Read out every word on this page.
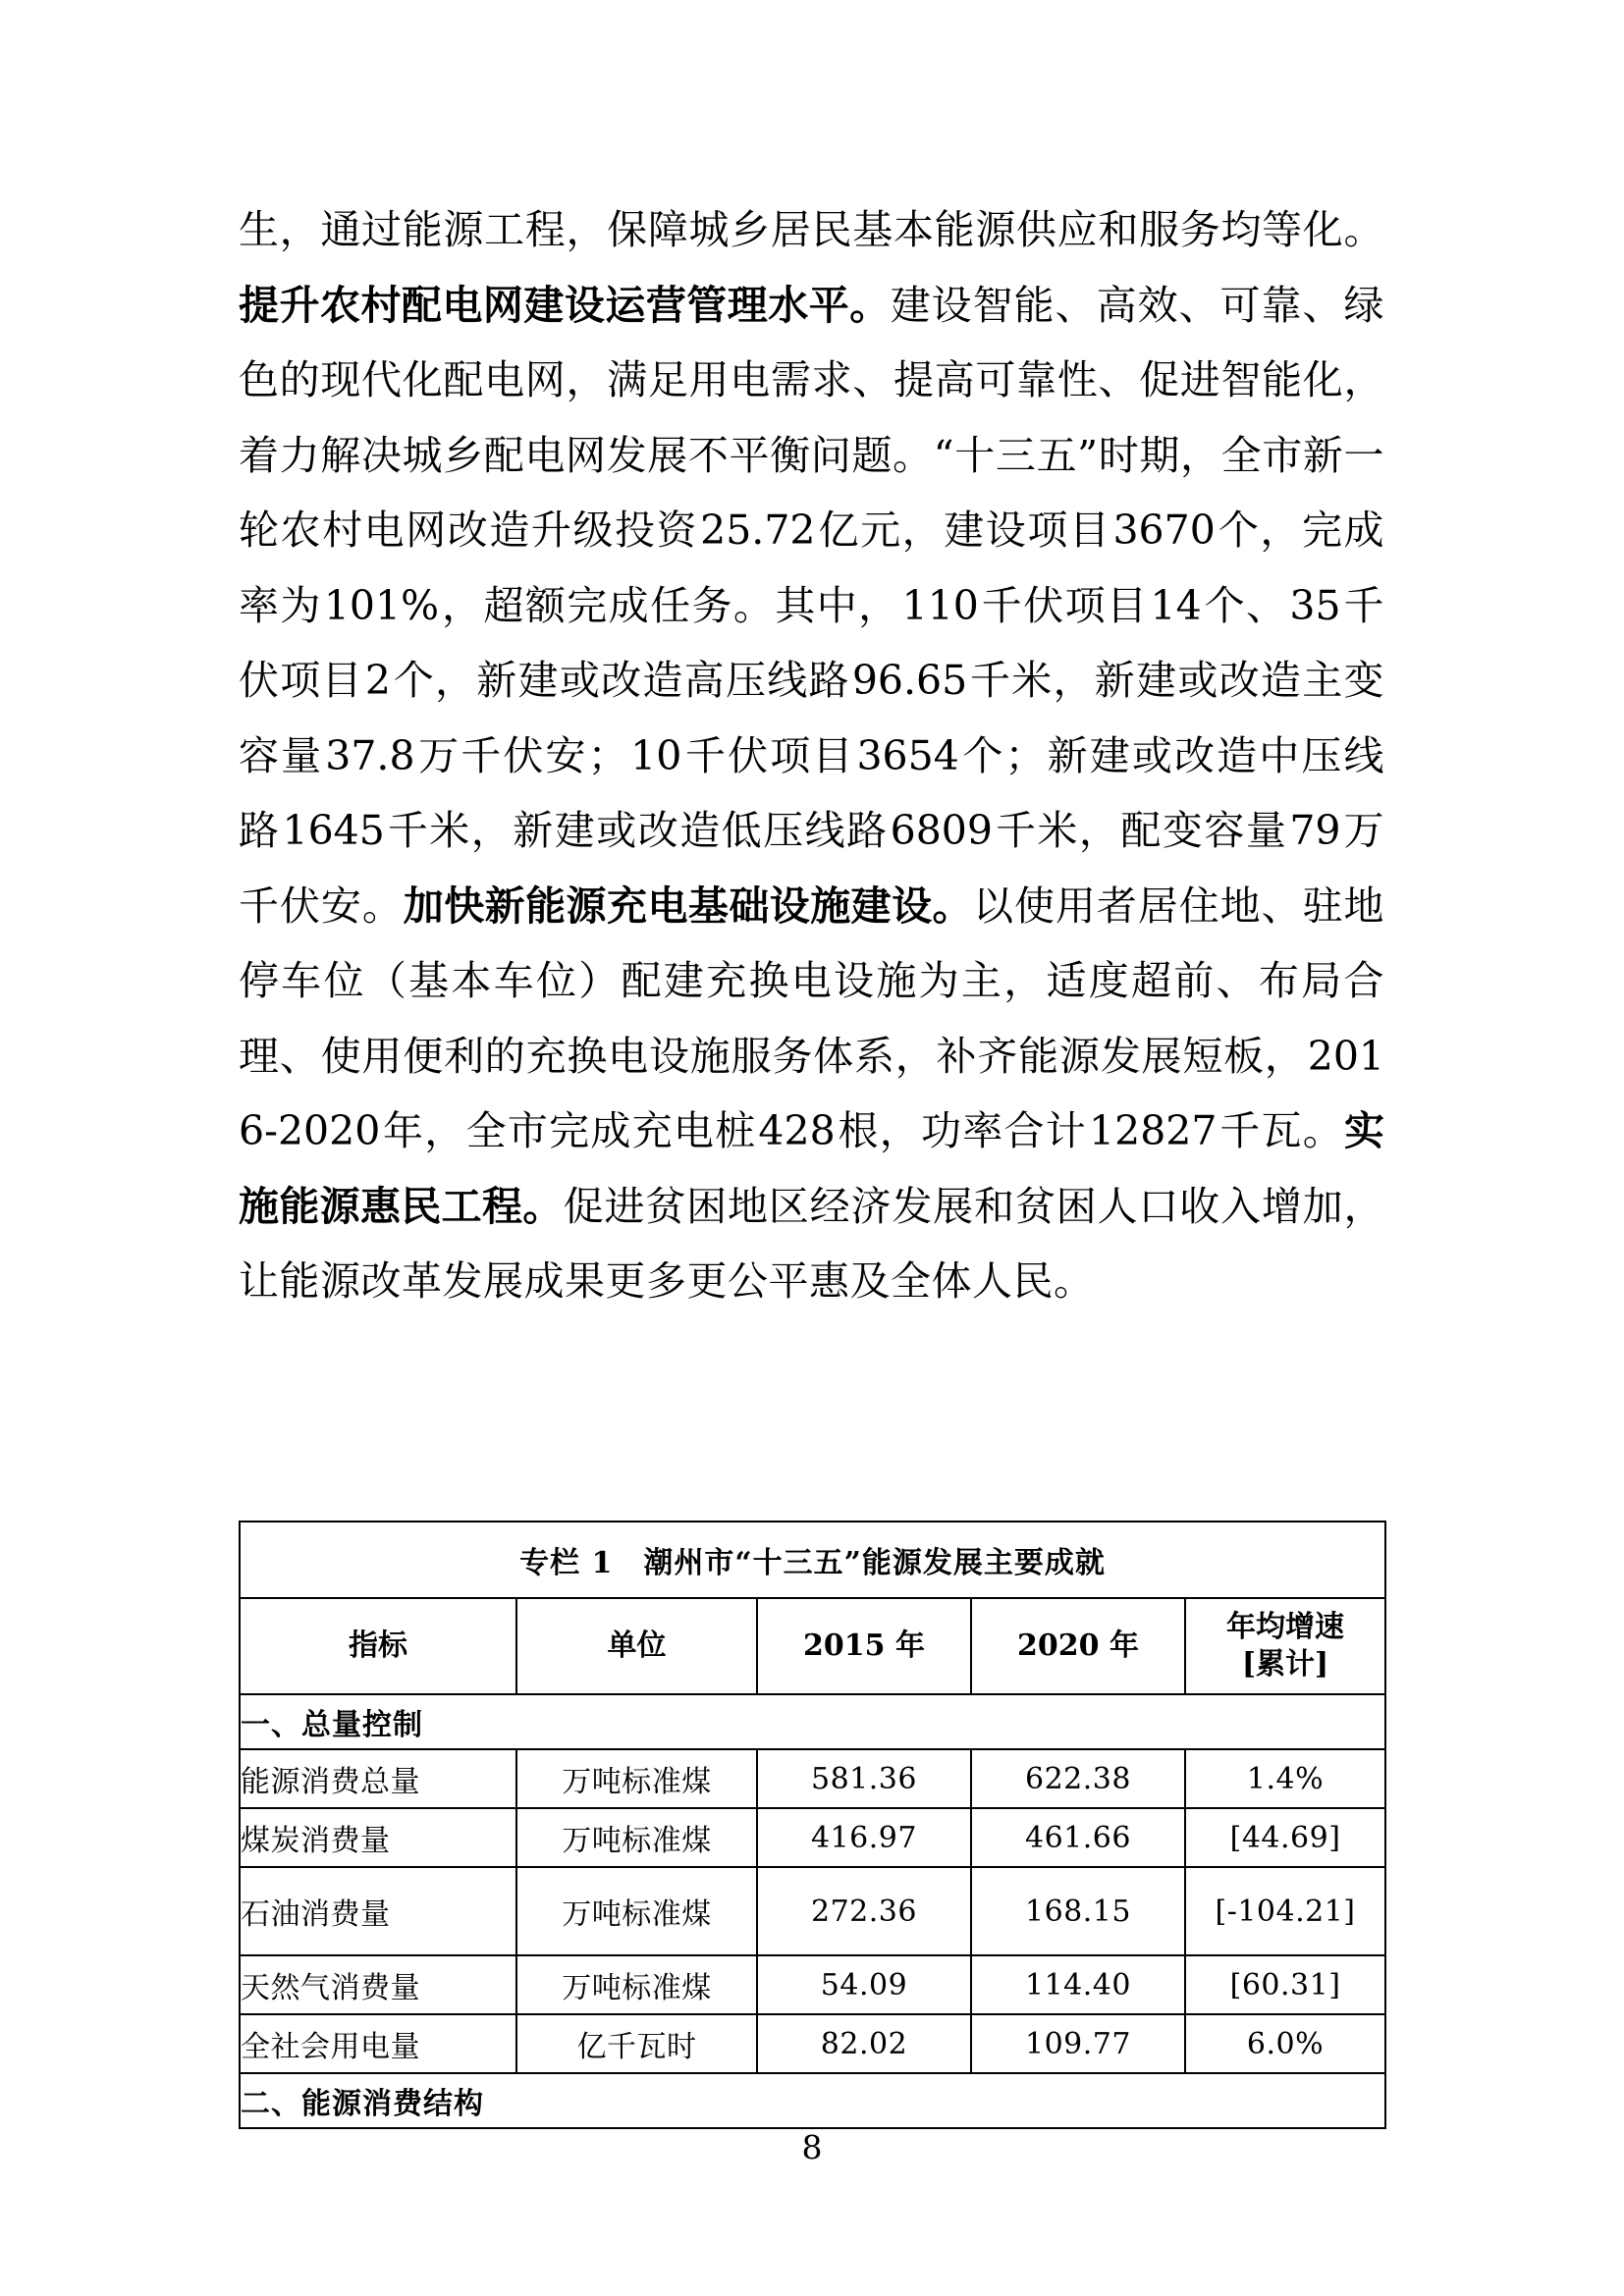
生，通过能源工程，保障城乡居民基本能源供应和服务均等化。提升农村配电网建设运营管理水平。建设智能、高效、可靠、绿色的现代化配电网，满足用电需求、提高可靠性、促进智能化，着力解决城乡配电网发展不平衡问题。“十三五”时期，全市新一轮农村电网改造升级投资25.72亿元，建设项目3670个，完成率为101%，超额完成任务。其中，110千伏项目14个、35千伏项目2个，新建或改造高压线路96.65千米，新建或改造主变容量37.8万千伏安；10千伏项目3654个；新建或改造中压线路1645千米，新建或改造低压线路6809千米，配变容量79万千伏安。加快新能源充电基础设施建设。以使用者居住地、驻地停车位（基本车位）配建充换电设施为主，适度超前、布局合理、使用便利的充换电设施服务体系，补齐能源发展短板，2016-2020年，全市完成充电桩428根，功率合计12827千瓦。实施能源惠民工程。促进贫困地区经济发展和贫困人口收入增加，让能源改革发展成果更多更公平惠及全体人民。

专栏 1　潮州市“十三五”能源发展主要成就				
指标	单位	2015 年	2020 年	年均增速
[累计]
一、总量控制				
能源消费总量	万吨标准煤	581.36	622.38	1.4%
煤炭消费量	万吨标准煤	416.97	461.66	[44.69]
石油消费量	万吨标准煤	272.36	168.15	[-104.21]
天然气消费量	万吨标准煤	54.09	114.40	[60.31]
全社会用电量	亿千瓦时	82.02	109.77	6.0%
二、能源消费结构				
8
